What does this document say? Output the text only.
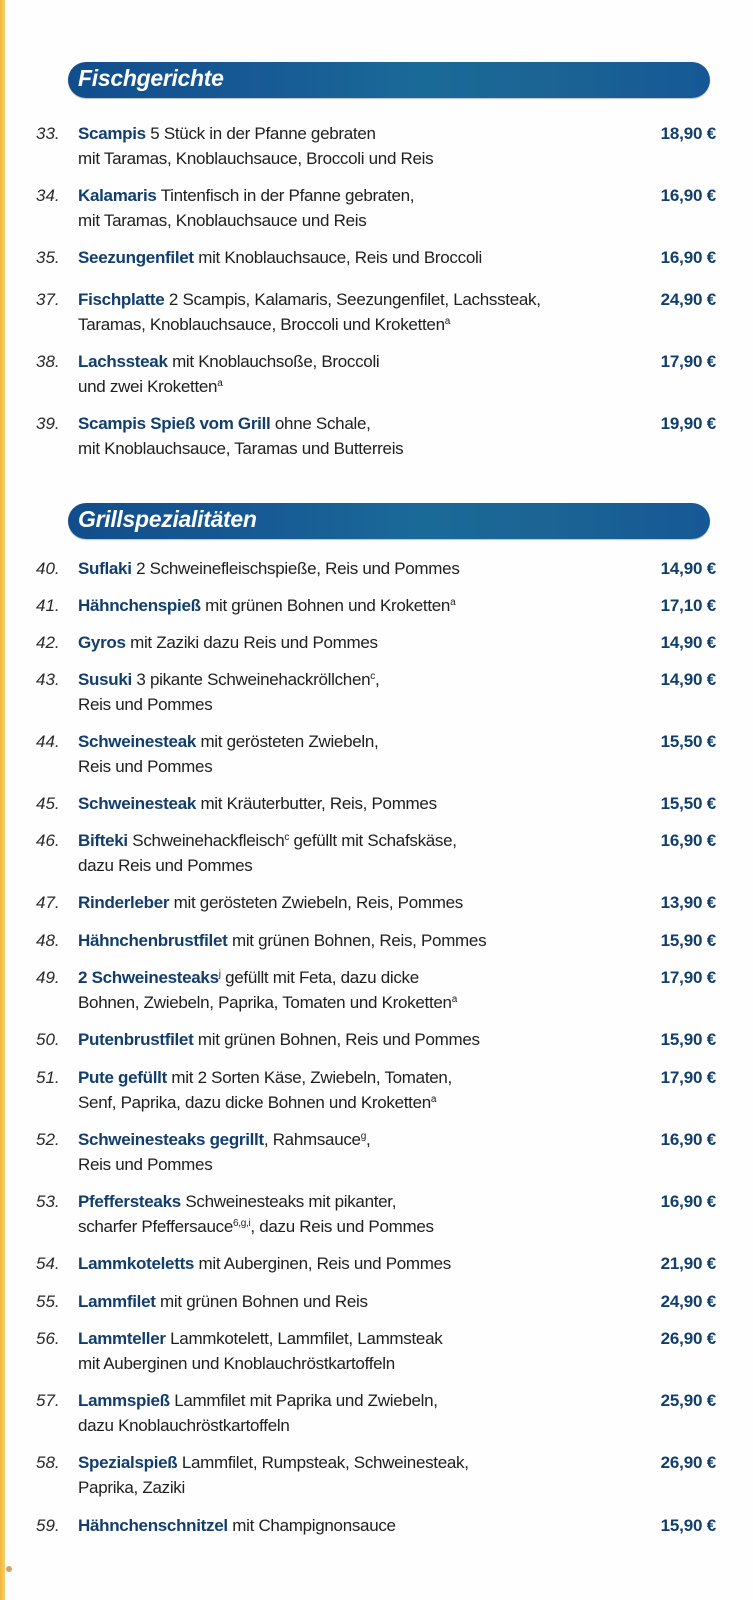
Fischgerichte
33.	Scampis 5 Stück in der Pfanne gebraten
mit Taramas, Knoblauchsauce, Broccoli und Reis
18,90 €
34.	Kalamaris Tintenfisch in der Pfanne gebraten,
mit Taramas, Knoblauchsauce und Reis
16,90 €
35.	Seezungenfilet mit Knoblauchsauce, Reis und Broccoli	16,90 €
37.	Fischplatte 2 Scampis, Kalamaris, Seezungenfilet, Lachssteak,
Taramas, Knoblauchsauce, Broccoli und Kroketten$^a$
24,90 €
38.	Lachssteak mit Knoblauchsoße, Broccoli
und zwei Kroketten$^a$
17,90 €
39.	Scampis Spieß vom Grill ohne Schale,
mit Knoblauchsauce, Taramas und Butterreis
19,90 €
Grillspezialitäten
40.	Suflaki 2 Schweinefleischspieße, Reis und Pommes	14,90 €
41.	Hähnchenspieß mit grünen Bohnen und Kroketten$^a$	17,10 €
42.	Gyros mit Zaziki dazu Reis und Pommes	14,90 €
43.	Susuki 3 pikante Schweinehackröllchen$^c$,
Reis und Pommes
14,90 €
44.	Schweinesteak mit gerösteten Zwiebeln,
Reis und Pommes
15,50 €
45.	Schweinesteak mit Kräuterbutter, Reis, Pommes	15,50 €
46.	Bifteki Schweinehackfleisch$^c$ gefüllt mit Schafskäse,
dazu Reis und Pommes
16,90 €
47.	Rinderleber mit gerösteten Zwiebeln, Reis, Pommes	13,90 €
48.	Hähnchenbrustfilet mit grünen Bohnen, Reis, Pommes	15,90 €
49.	2 Schweinesteaks$^j$ gefüllt mit Feta, dazu dicke
Bohnen, Zwiebeln, Paprika, Tomaten und Kroketten$^a$
17,90 €
50.	Putenbrustfilet mit grünen Bohnen, Reis und Pommes	15,90 €
51.	Pute gefüllt mit 2 Sorten Käse, Zwiebeln, Tomaten,
Senf, Paprika, dazu dicke Bohnen und Kroketten$^a$
17,90 €
52.	Schweinesteaks gegrillt, Rahmsauce$^g$,
Reis und Pommes
16,90 €
53.	Pfeffersteaks Schweinesteaks mit pikanter,
scharfer Pfeffersauce$^{6,g,i}$, dazu Reis und Pommes
16,90 €
54.	Lammkoteletts mit Auberginen, Reis und Pommes	21,90 €
55.	Lammfilet mit grünen Bohnen und Reis	24,90 €
56.	Lammteller Lammkotelett, Lammfilet, Lammsteak
mit Auberginen und Knoblauchröstkartoffeln
26,90 €
57.	Lammspieß Lammfilet mit Paprika und Zwiebeln,
dazu Knoblauchröstkartoffeln
25,90 €
58.	Spezialspieß Lammfilet, Rumpsteak, Schweinesteak,
Paprika, Zaziki
26,90 €
59.	Hähnchenschnitzel mit Champignonsauce	15,90 €
